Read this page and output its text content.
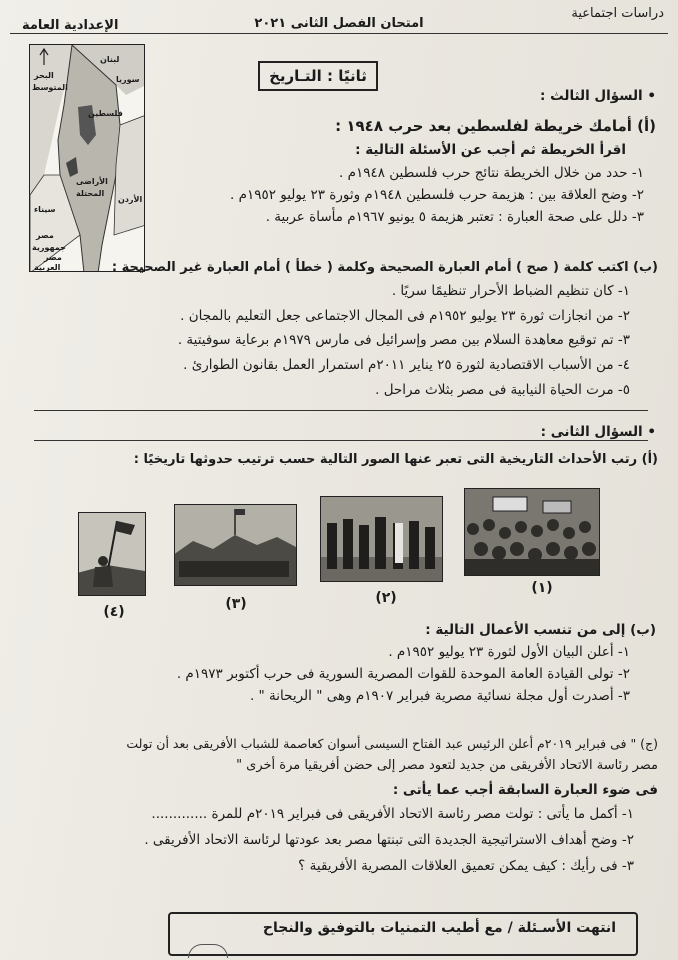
دراسات اجتماعية
امتحان الفصل الثانى ٢٠٢١
الإعدادية العامة
لبنان
البحر
المتوسط
سوريا
فلسطين
الأراضى
المحتلة
الأردن
سيناء
مصر
جمهورية
مصر
العربية
ثانيًا : التـاريخ
• السؤال الثالث :
(أ) أمامك خريطة لفلسطين بعد حرب ١٩٤٨ :
اقرأ الخريطة ثم أجب عن الأسئلة التالية :
١- حدد من خلال الخريطة نتائج حرب فلسطين ١٩٤٨م .
٢- وضح العلاقة بين : هزيمة حرب فلسطين ١٩٤٨م وثورة ٢٣ يوليو ١٩٥٢م .
٣- دلل على صحة العبارة : تعتبر هزيمة ٥ يونيو ١٩٦٧م مأساة عربية .
(ب) اكتب كلمة ( صح ) أمام العبارة الصحيحة وكلمة ( خطأ ) أمام العبارة غير الصحيحة :
١- كان تنظيم الضباط الأحرار تنظيمًا سريًا .
٢- من انجازات ثورة ٢٣ يوليو ١٩٥٢م فى المجال الاجتماعى جعل التعليم بالمجان .
٣- تم توقيع معاهدة السلام بين مصر وإسرائيل فى مارس ١٩٧٩م برعاية سوفيتية .
٤- من الأسباب الاقتصادية لثورة ٢٥ يناير ٢٠١١م استمرار العمل بقانون الطوارئ .
٥- مرت الحياة النيابية فى مصر بثلاث مراحل .
• السؤال الثانى :
(أ) رتب الأحداث التاريخية التى تعبر عنها الصور التالية حسب ترتيب حدوثها تاريخيًا :
(١)
(٢)
(٣)
(٤)
(ب) إلى من تنسب الأعمال التالية :
١- أعلن البيان الأول لثورة ٢٣ يوليو ١٩٥٢م .
٢- تولى القيادة العامة الموحدة للقوات المصرية السورية فى حرب أكتوبر ١٩٧٣م .
٣- أصدرت أول مجلة نسائية مصرية فبراير ١٩٠٧م وهى " الريحانة " .
(ج) " فى فبراير ٢٠١٩م أعلن الرئيس عبد الفتاح السيسى أسوان كعاصمة للشباب الأفريقى بعد أن تولت
مصر رئاسة الاتحاد الأفريقى من جديد لتعود مصر إلى حضن أفريقيا مرة أخرى "
فى ضوء العبارة السابقة أجب عما يأتى :
١- أكمل ما يأتى : تولت مصر رئاسة الاتحاد الأفريقى فى فبراير ٢٠١٩م للمرة .............
٢- وضح أهداف الاستراتيجية الجديدة التى تبنتها مصر بعد عودتها لرئاسة الاتحاد الأفريقى .
٣- فى رأيك : كيف يمكن تعميق العلاقات المصرية الأفريقية ؟
انتهت الأسـئلة / مع أطيب التمنيات بالتوفيق والنجاح
